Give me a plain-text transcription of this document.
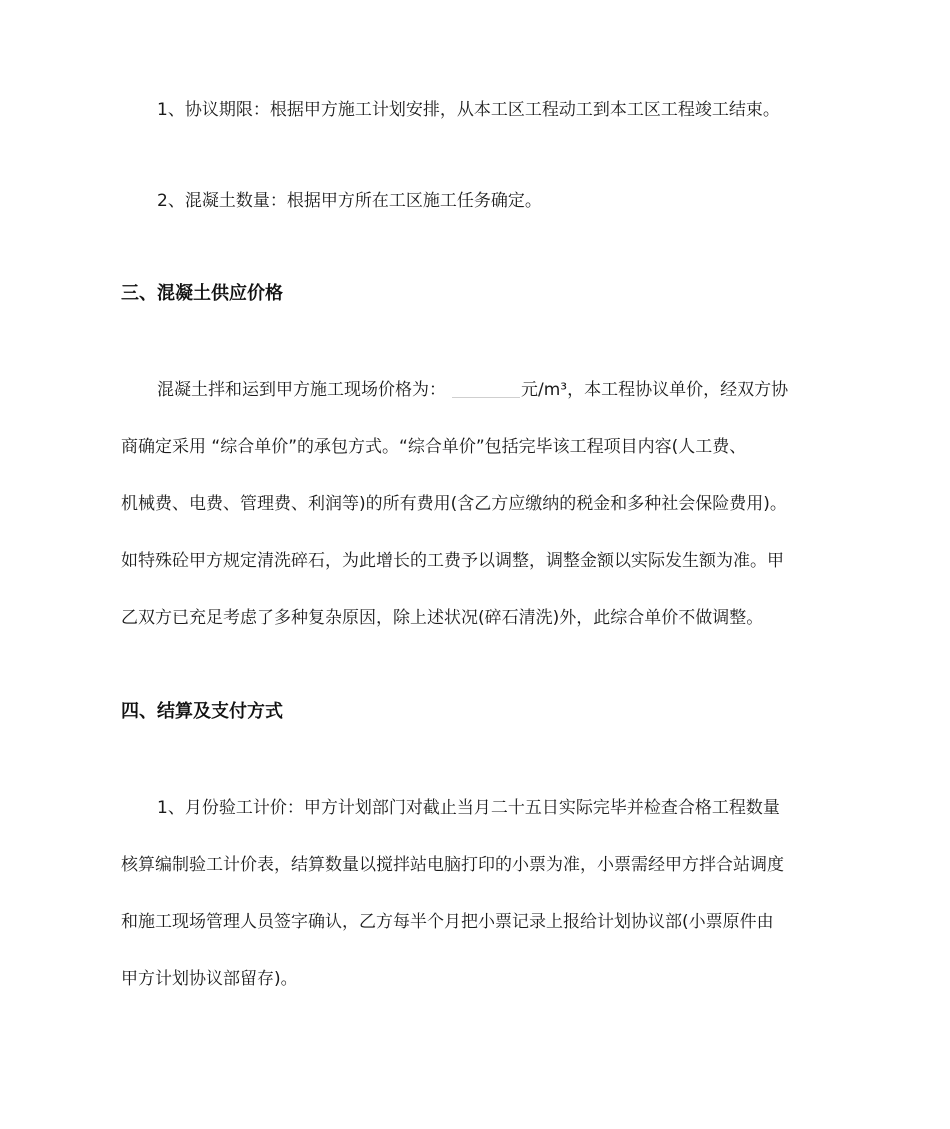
1、协议期限：根据甲方施工计划安排，从本工区工程动工到本工区工程竣工结束。
2、混凝土数量：根据甲方所在工区施工任务确定。
三、混凝土供应价格
混凝土拌和运到甲方施工现场价格为：	元/m³，本工程协议单价，经双方协
商确定采用 “综合单价”的承包方式。“综合单价”包括完毕该工程项目内容(人工费、
机械费、电费、管理费、利润等)的所有费用(含乙方应缴纳的税金和多种社会保险费用)。
如特殊砼甲方规定清洗碎石，为此增长的工费予以调整，调整金额以实际发生额为准。甲
乙双方已充足考虑了多种复杂原因，除上述状况(碎石清洗)外，此综合单价不做调整。
四、结算及支付方式
1、月份验工计价：甲方计划部门对截止当月二十五日实际完毕并检查合格工程数量
核算编制验工计价表，结算数量以搅拌站电脑打印的小票为准，小票需经甲方拌合站调度
和施工现场管理人员签字确认，乙方每半个月把小票记录上报给计划协议部(小票原件由
甲方计划协议部留存)。
